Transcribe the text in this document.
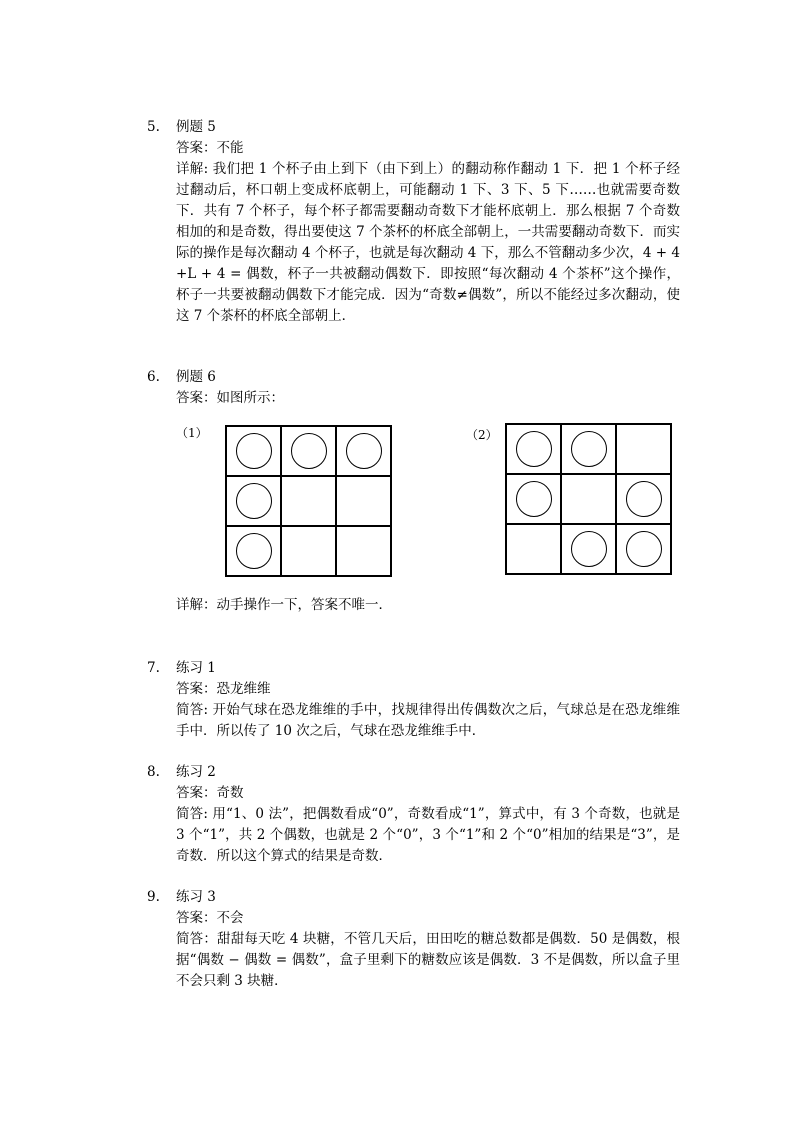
5.	例题 5
答案：不能
详解: 我们把 1 个杯子由上到下（由下到上）的翻动称作翻动 1 下．把 1 个杯子经过翻动后，杯口朝上变成杯底朝上，可能翻动 1 下、3 下、5 下……也就需要奇数下．共有 7 个杯子，每个杯子都需要翻动奇数下才能杯底朝上．那么根据 7 个奇数相加的和是奇数，得出要使这 7 个茶杯的杯底全部朝上，一共需要翻动奇数下．而实际的操作是每次翻动 4 个杯子，也就是每次翻动 4 下，那么不管翻动多少次，4 + 4 +L + 4 = 偶数，杯子一共被翻动偶数下．即按照“每次翻动 4 个茶杯”这个操作，杯子一共要被翻动偶数下才能完成．因为“奇数≠偶数”，所以不能经过多次翻动，使这 7 个茶杯的杯底全部朝上．
6.	例题 6
答案：如图所示：
（1）

			（2）

详解：动手操作一下，答案不唯一．
7.	练习 1
答案：恐龙维维
简答: 开始气球在恐龙维维的手中，找规律得出传偶数次之后，气球总是在恐龙维维手中．所以传了 10 次之后，气球在恐龙维维手中．
8.	练习 2
答案：奇数
简答: 用“1、0 法”，把偶数看成“0”，奇数看成“1”，算式中，有 3 个奇数，也就是 3 个“1”，共 2 个偶数，也就是 2 个“0”，3 个“1”和 2 个“0”相加的结果是“3”，是奇数．所以这个算式的结果是奇数．
9.	练习 3
答案：不会
简答：甜甜每天吃 4 块糖，不管几天后，田田吃的糖总数都是偶数．50 是偶数，根据“偶数 − 偶数 = 偶数”，盒子里剩下的糖数应该是偶数．3 不是偶数，所以盒子里不会只剩 3 块糖．
